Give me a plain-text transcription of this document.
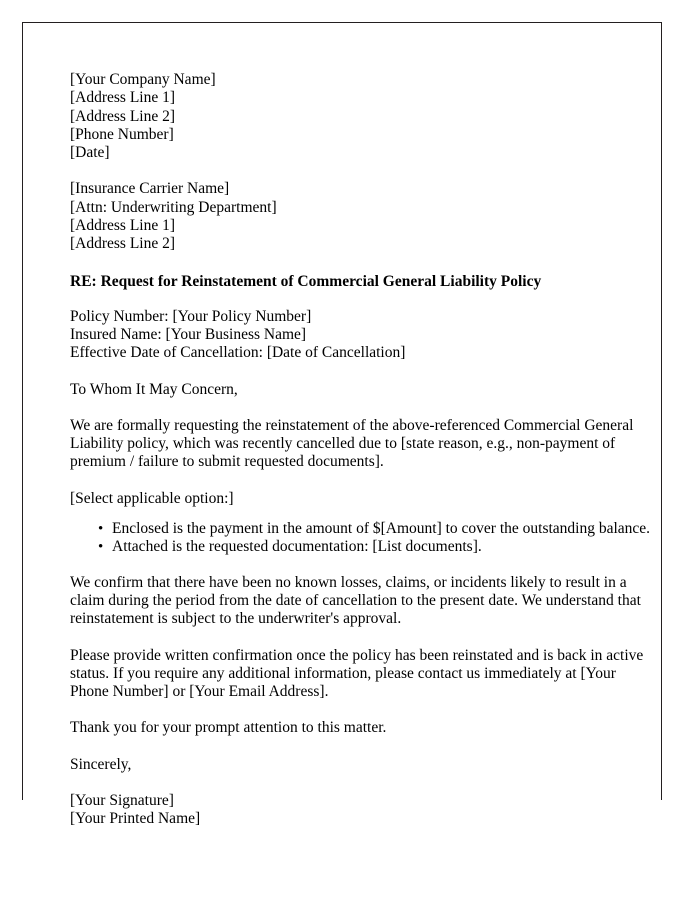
[Your Company Name]
[Address Line 1]
[Address Line 2]
[Phone Number]
[Date]
[Insurance Carrier Name]
[Attn: Underwriting Department]
[Address Line 1]
[Address Line 2]
RE: Request for Reinstatement of Commercial General Liability Policy
Policy Number: [Your Policy Number]
Insured Name: [Your Business Name]
Effective Date of Cancellation: [Date of Cancellation]
To Whom It May Concern,

We are formally requesting the reinstatement of the above-referenced Commercial General Liability policy, which was recently cancelled due to [state reason, e.g., non-payment of premium / failure to submit requested documents].

[Select applicable option:]
• Enclosed is the payment in the amount of $[Amount] to cover the outstanding balance.
• Attached is the requested documentation: [List documents].

We confirm that there have been no known losses, claims, or incidents likely to result in a claim during the period from the date of cancellation to the present date. We understand that reinstatement is subject to the underwriter's approval.

Please provide written confirmation once the policy has been reinstated and is back in active status. If you require any additional information, please contact us immediately at [Your Phone Number] or [Your Email Address].

Thank you for your prompt attention to this matter.
Sincerely,
[Your Signature]
[Your Printed Name]
